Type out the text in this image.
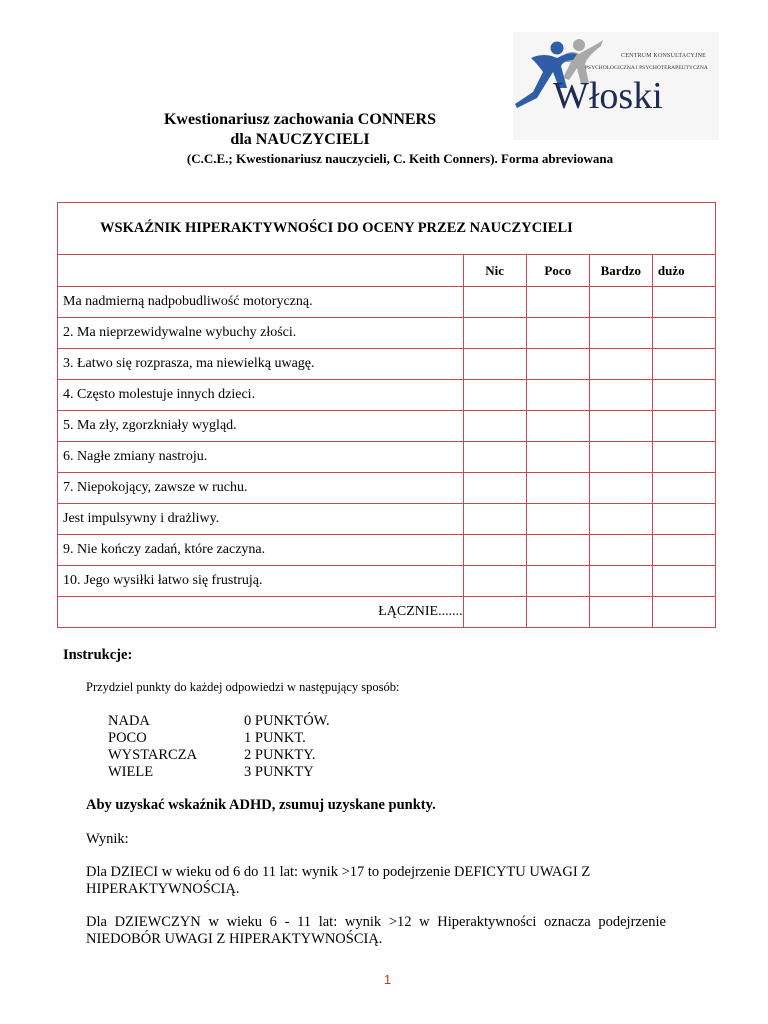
CENTRUM KONSULTACYJNE
PSYCHOLOGICZNA I PSYCHOTERAPEUTYCZNA
Włoski
Kwestionariusz zachowania CONNERS
dla NAUCZYCIELI
(C.C.E.; Kwestionariusz nauczycieli, C. Keith Conners). Forma abreviowana
WSKAŹNIK HIPERAKTYWNOŚCI DO OCENY PRZEZ NAUCZYCIELI				
	Nic	Poco	Bardzo	dużo
Ma nadmierną nadpobudliwość motoryczną.				
2. Ma nieprzewidywalne wybuchy złości.				
3. Łatwo się rozprasza, ma niewielką uwagę.				
4. Często molestuje innych dzieci.				
5. Ma zły, zgorzkniały wygląd.				
6. Nagłe zmiany nastroju.				
7. Niepokojący, zawsze w ruchu.				
Jest impulsywny i drażliwy.				
9. Nie kończy zadań, które zaczyna.				
10. Jego wysiłki łatwo się frustrują.				
ŁĄCZNIE.......				
Instrukcje:
Przydziel punkty do każdej odpowiedzi w następujący sposób:
NADA	0 PUNKTÓW.
POCO	1 PUNKT.
WYSTARCZA	2 PUNKTY.
WIELE	3 PUNKTY
Aby uzyskać wskaźnik ADHD, zsumuj uzyskane punkty.
Wynik:
Dla DZIECI w wieku od 6 do 11 lat: wynik >17 to podejrzenie DEFICYTU UWAGI Z HIPERAKTYWNOŚCIĄ.
Dla DZIEWCZYN w wieku 6 - 11 lat: wynik >12 w Hiperaktywności oznacza podejrzenie NIEDOBÓR UWAGI Z HIPERAKTYWNOŚCIĄ.
1
